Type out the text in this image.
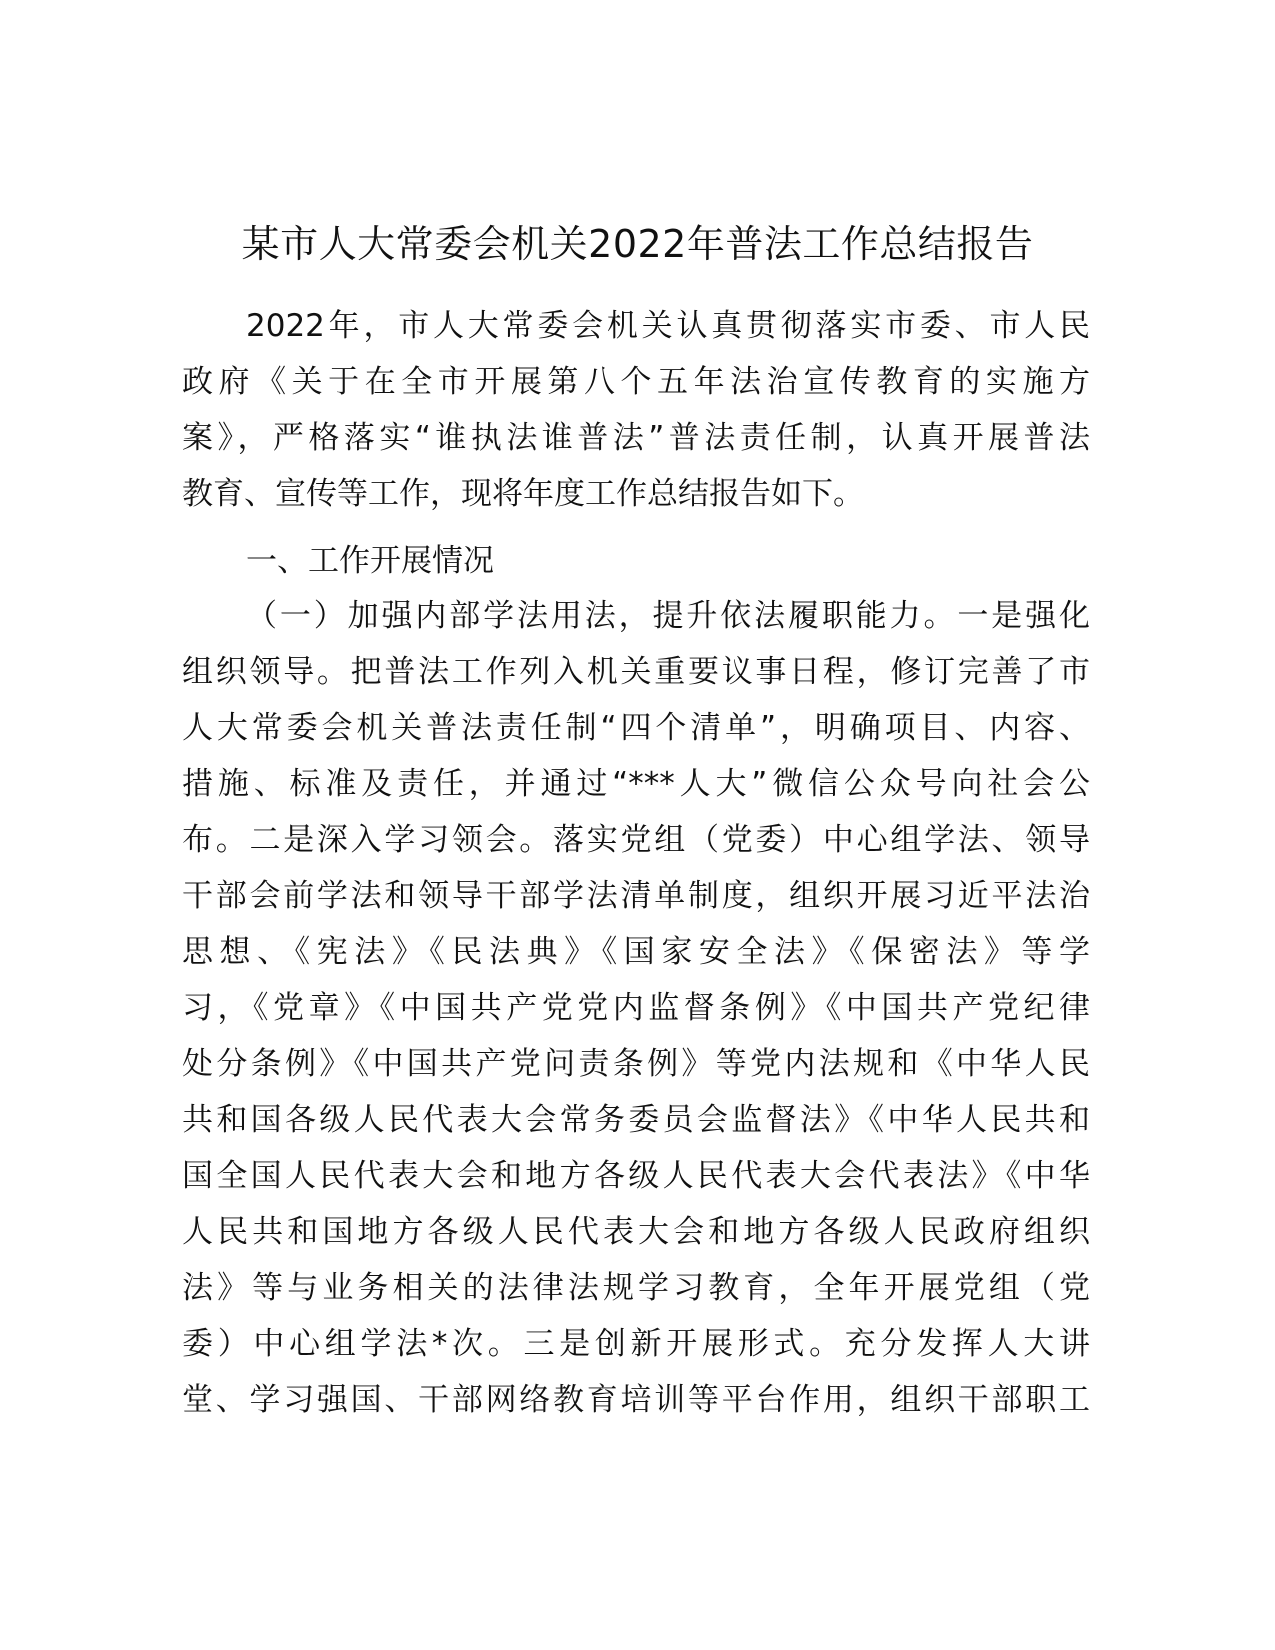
某市人大常委会机关2022年普法工作总结报告
2022年，市人大常委会机关认真贯彻落实市委、市人民
政府《关于在全市开展第八个五年法治宣传教育的实施方
案》，严格落实“谁执法谁普法”普法责任制，认真开展普法
教育、宣传等工作，现将年度工作总结报告如下。
一、工作开展情况
（一）加强内部学法用法，提升依法履职能力。一是强化
组织领导。把普法工作列入机关重要议事日程，修订完善了市
人大常委会机关普法责任制“四个清单”，明确项目、内容、
措施、标准及责任，并通过“***人大”微信公众号向社会公
布。二是深入学习领会。落实党组（党委）中心组学法、领导
干部会前学法和领导干部学法清单制度，组织开展习近平法治
思想、《宪法》《民法典》《国家安全法》《保密法》等学
习，《党章》《中国共产党党内监督条例》《中国共产党纪律
处分条例》《中国共产党问责条例》等党内法规和《中华人民
共和国各级人民代表大会常务委员会监督法》《中华人民共和
国全国人民代表大会和地方各级人民代表大会代表法》《中华
人民共和国地方各级人民代表大会和地方各级人民政府组织
法》等与业务相关的法律法规学习教育，全年开展党组（党
委）中心组学法*次。三是创新开展形式。充分发挥人大讲
堂、学习强国、干部网络教育培训等平台作用，组织干部职工
